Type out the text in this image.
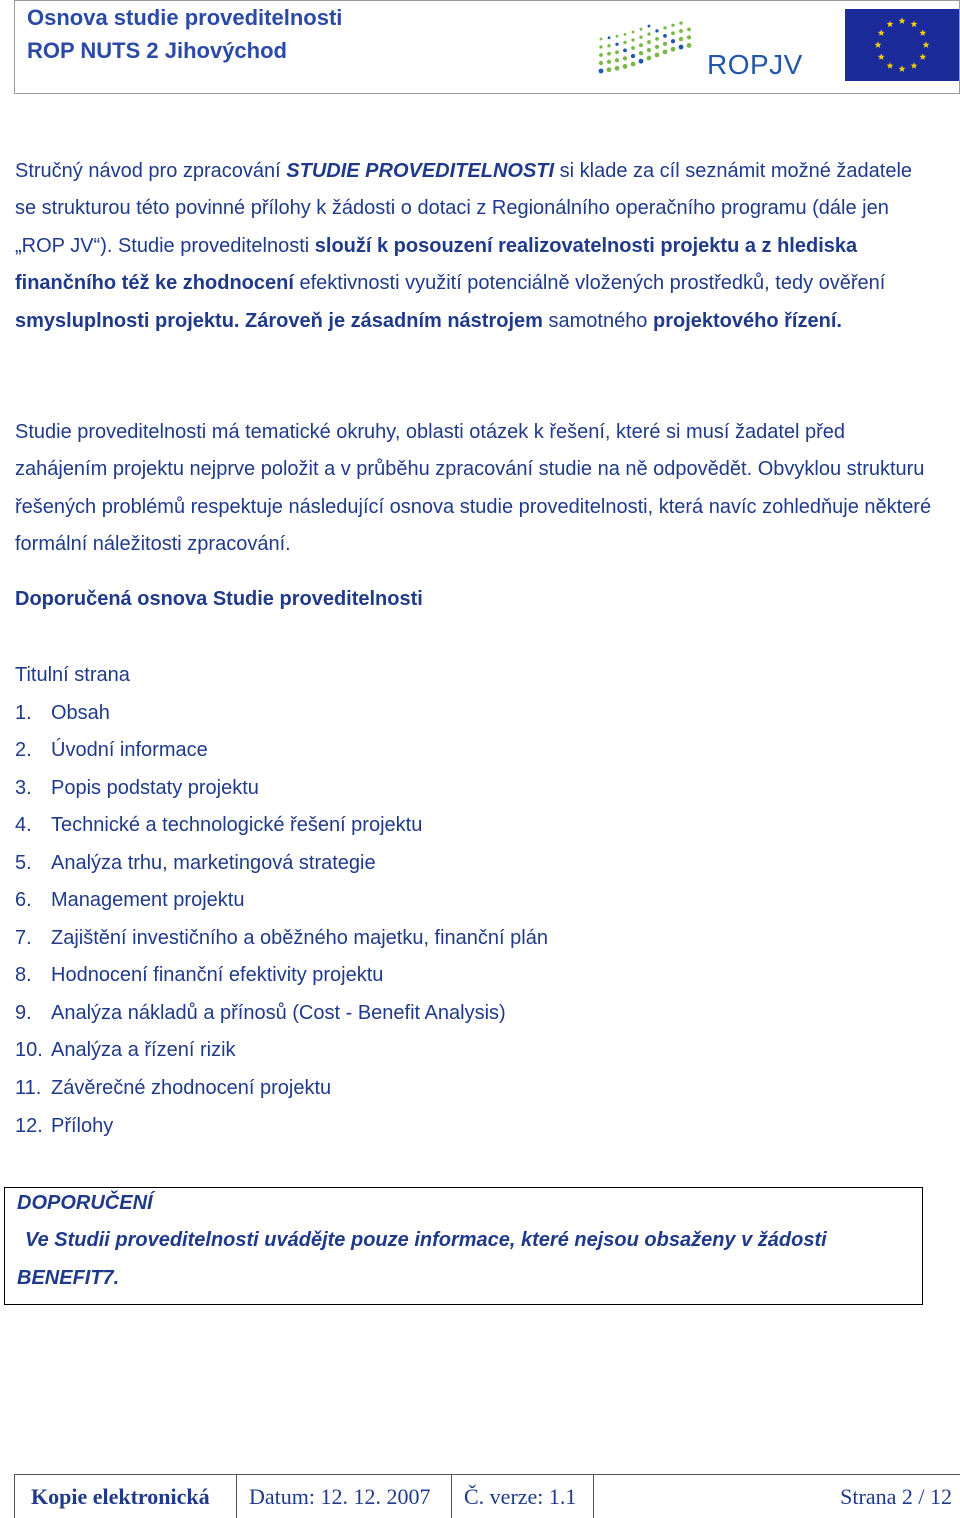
Osnova studie proveditelnosti
ROP NUTS 2 Jihovýchod	ROPJV
Stručný návod pro zpracování STUDIE PROVEDITELNOSTI si klade za cíl seznámit možné žadatele se strukturou této povinné přílohy k žádosti o dotaci z Regionálního operačního programu (dále jen „ROP JV“). Studie proveditelnosti slouží k posouzení realizovatelnosti projektu a z hlediska finančního též ke zhodnocení efektivnosti využití potenciálně vložených prostředků, tedy ověření smysluplnosti projektu. Zároveň je zásadním nástrojem samotného projektového řízení.
Studie proveditelnosti má tematické okruhy, oblasti otázek k řešení, které si musí žadatel před zahájením projektu nejprve položit a v průběhu zpracování studie na ně odpovědět. Obvyklou strukturu řešených problémů respektuje následující osnova studie proveditelnosti, která navíc zohledňuje některé formální náležitosti zpracování.
Doporučená osnova Studie proveditelnosti
Titulní strana
1. Obsah
2. Úvodní informace
3. Popis podstaty projektu
4. Technické a technologické řešení projektu
5. Analýza trhu, marketingová strategie
6. Management projektu
7. Zajištění investičního a oběžného majetku, finanční plán
8. Hodnocení finanční efektivity projektu
9. Analýza nákladů a přínosů (Cost - Benefit Analysis)
10. Analýza a řízení rizik
11. Závěrečné zhodnocení projektu
12. Přílohy
DOPORUČENÍ
Ve Studii proveditelnosti uvádějte pouze informace, které nejsou obsaženy v žádosti BENEFIT7.
Kopie elektronická	Datum: 12. 12. 2007	Č. verze: 1.1	Strana 2 / 12
